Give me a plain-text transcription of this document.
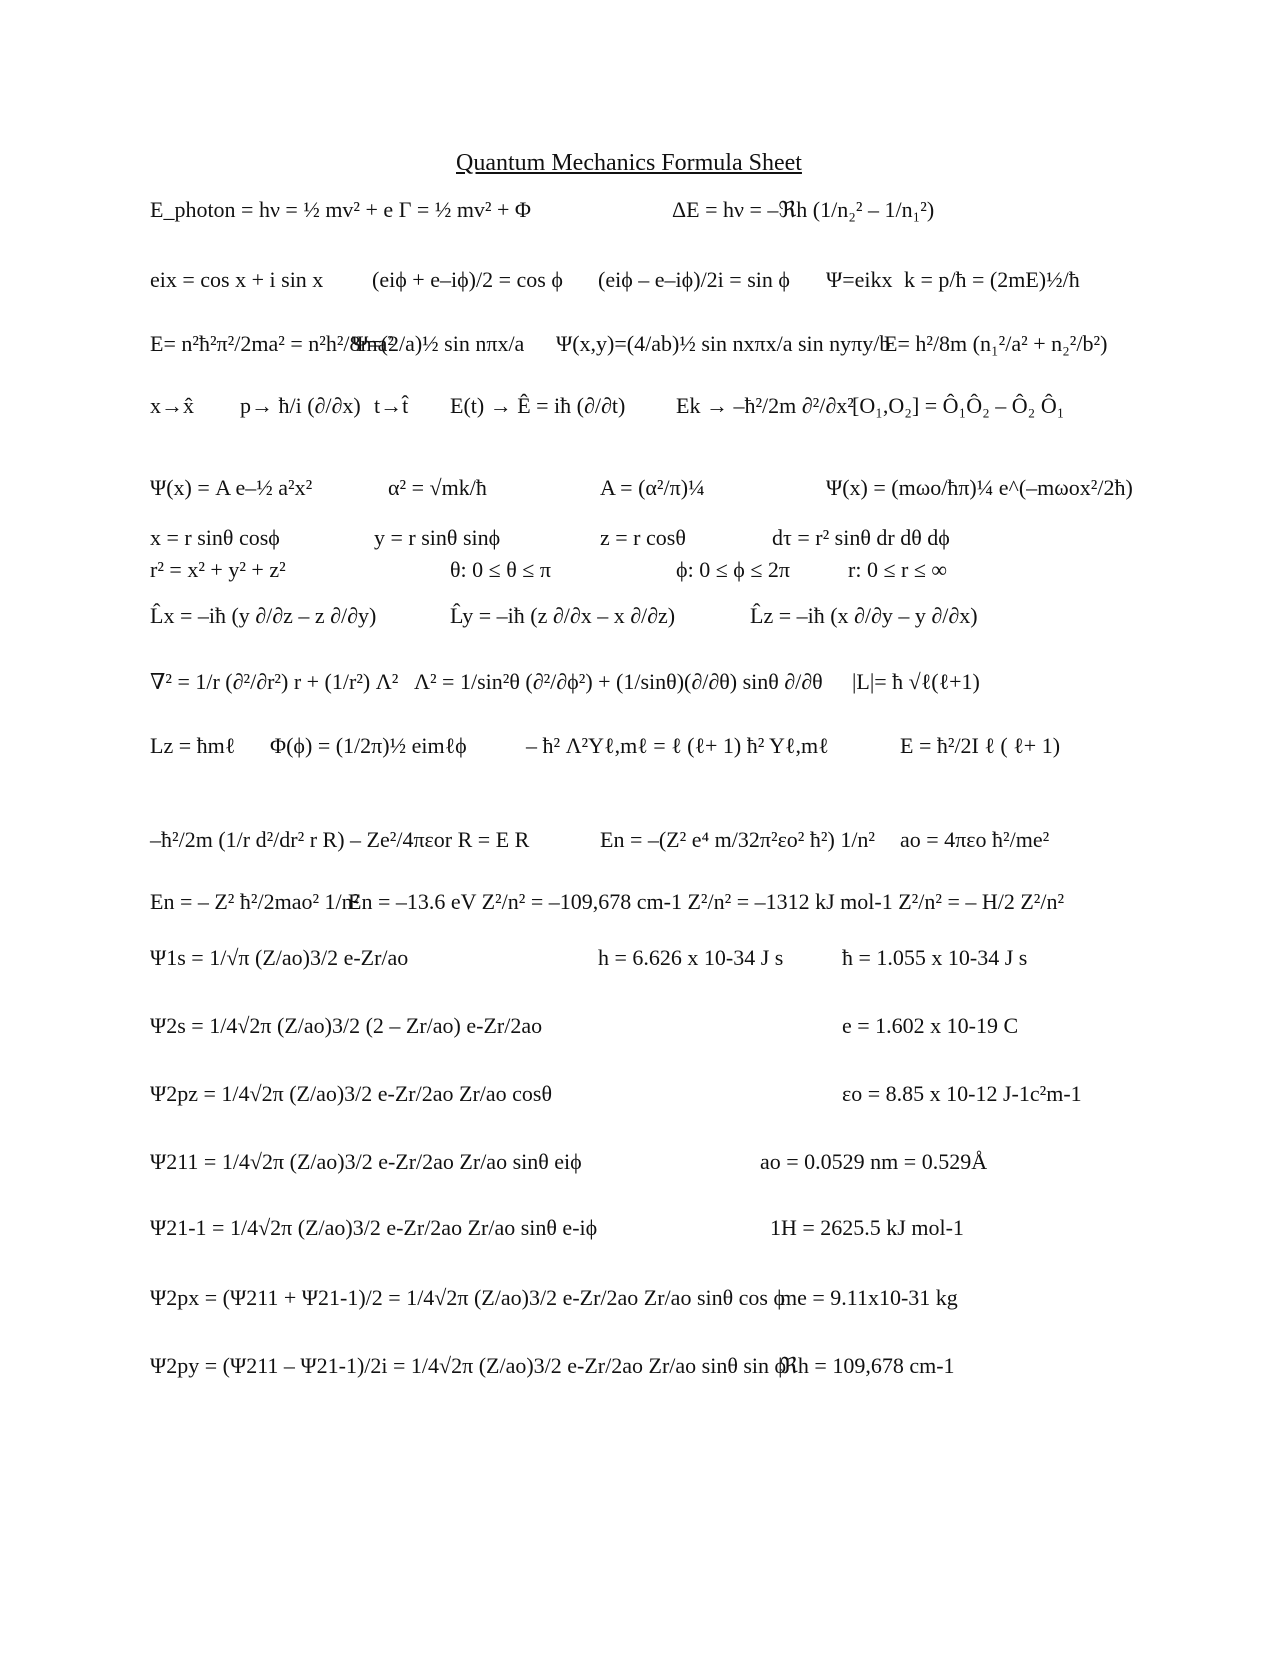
Quantum Mechanics Formula Sheet
E_photon = hν = ½ mv² + e Γ = ½ mv² + Φ	ΔE = hν = –ℜh (1/n₂² – 1/n₁²)
eix = cos x + i sin x (eiϕ + e–iϕ)/2 = cos ϕ (eiϕ – e–iϕ)/2i = sin ϕ Ψ=eikx k = p/ħ = (2mE)½/ħ
E= n²ħ²π²/2ma² = n²h²/8ma²
Ψ=(2/a)½ sin nπx/a Ψ(x,y)=(4/ab)½ sin nxπx/a sin nyπy/b
E= h²/8m (n₁²/a² + n₂²/b²)
x→x̂ p→ ħ/i (∂/∂x) t→t̂ E(t) → Ê = iħ (∂/∂t) Ek → –ħ²/2m ∂²/∂x²
[O₁,O₂] = Ô₁Ô₂ – Ô₂ Ô₁
Ψ(x) = A e–½ a²x²	α² = √mk/ħ	A = (α²/π)¼	Ψ(x) = (mωo/ħπ)¼ e^(–mωox²/2ħ)
x = r sinθ cosϕ	y = r sinθ sinϕ	z = r cosθ	dτ = r² sinθ dr dθ dϕ
r² = x² + y² + z²	θ: 0 ≤ θ ≤ π	ϕ: 0 ≤ ϕ ≤ 2π	r: 0 ≤ r ≤ ∞
L̂x = –iħ (y ∂/∂z – z ∂/∂y)	L̂y = –iħ (z ∂/∂x – x ∂/∂z)	L̂z = –iħ (x ∂/∂y – y ∂/∂x)
∇² = 1/r (∂²/∂r²) r + (1/r²) Λ² Λ² = 1/sin²θ (∂²/∂ϕ²) + (1/sinθ)(∂/∂θ) sinθ ∂/∂θ |L|= ħ √ℓ(ℓ+1)
Lz = ħmℓ Φ(ϕ) = (1/2π)½ eimℓϕ	– ħ² Λ²Yℓ,mℓ = ℓ (ℓ+ 1) ħ² Yℓ,mℓ	E = ħ²/2I ℓ ( ℓ+ 1)
–ħ²/2m (1/r d²/dr² r R) – Ze²/4πεor R = E R	En = –(Z² e⁴ m/32π²εo² ħ²) 1/n² ao = 4πεo ħ²/me²
En = – Z² ħ²/2mao² 1/n²
En = –13.6 eV Z²/n² = –109,678 cm-1 Z²/n² = –1312 kJ mol-1 Z²/n² = – H/2 Z²/n²
Ψ1s = 1/√π (Z/ao)3/2 e-Zr/ao	h = 6.626 x 10-34 J s	ħ = 1.055 x 10-34 J s
Ψ2s = 1/4√2π (Z/ao)3/2 (2 – Zr/ao) e-Zr/2ao	e = 1.602 x 10-19 C
Ψ2pz = 1/4√2π (Z/ao)3/2 e-Zr/2ao Zr/ao cosθ	εo = 8.85 x 10-12 J-1c²m-1
Ψ211 = 1/4√2π (Z/ao)3/2 e-Zr/2ao Zr/ao sinθ eiϕ	ao = 0.0529 nm = 0.529Å
Ψ21-1 = 1/4√2π (Z/ao)3/2 e-Zr/2ao Zr/ao sinθ e-iϕ	1H = 2625.5 kJ mol-1
Ψ2px = (Ψ211 + Ψ21-1)/2 = 1/4√2π (Z/ao)3/2 e-Zr/2ao Zr/ao sinθ cos ϕ
me = 9.11x10-31 kg
Ψ2py = (Ψ211 – Ψ21-1)/2i = 1/4√2π (Z/ao)3/2 e-Zr/2ao Zr/ao sinθ sin ϕ
ℜh = 109,678 cm-1
